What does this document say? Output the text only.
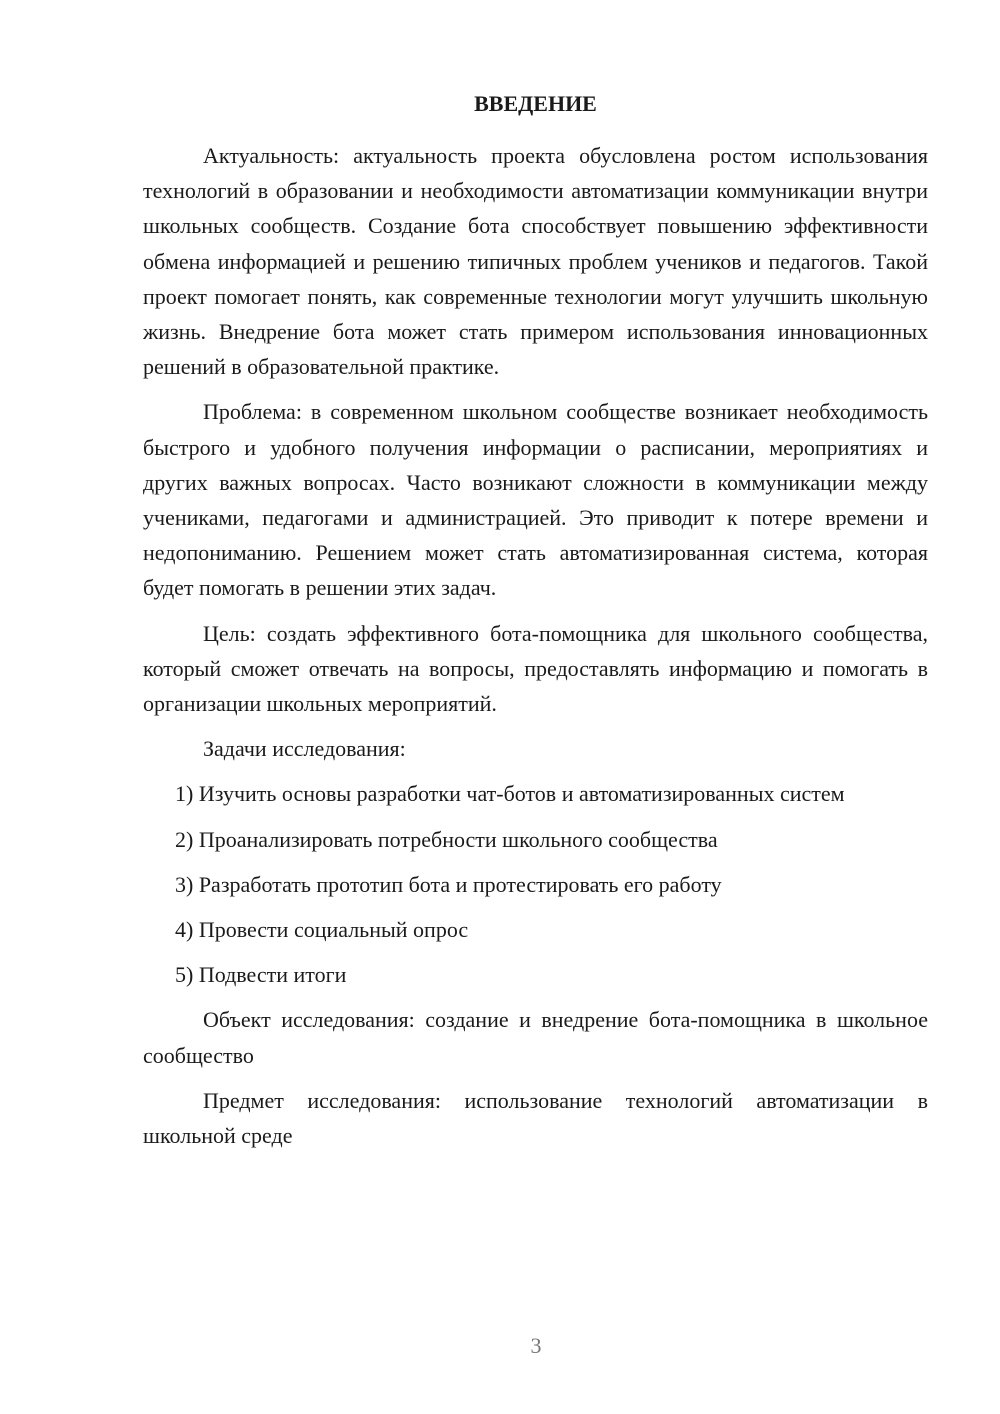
ВВЕДЕНИЕ

Актуальность: актуальность проекта обусловлена ростом использования технологий в образовании и необходимости автоматизации коммуникации внутри школьных сообществ. Создание бота способствует повышению эффективности обмена информацией и решению типичных проблем учеников и педагогов. Такой проект помогает понять, как современные технологии могут улучшить школьную жизнь. Внедрение бота может стать примером использования инновационных решений в образовательной практике.

Проблема: в современном школьном сообществе возникает необходимость быстрого и удобного получения информации о расписании, мероприятиях и других важных вопросах. Часто возникают сложности в коммуникации между учениками, педагогами и администрацией. Это приводит к потере времени и недопониманию. Решением может стать автоматизированная система, которая будет помогать в решении этих задач.

Цель: создать эффективного бота-помощника для школьного сообщества, который сможет отвечать на вопросы, предоставлять информацию и помогать в организации школьных мероприятий.

Задачи исследования:

1) Изучить основы разработки чат-ботов и автоматизированных систем

2) Проанализировать потребности школьного сообщества

3) Разработать прототип бота и протестировать его работу

4) Провести социальный опрос

5) Подвести итоги

Объект исследования: создание и внедрение бота-помощника в школьное сообщество

Предмет исследования: использование технологий автоматизации в школьной среде

3
